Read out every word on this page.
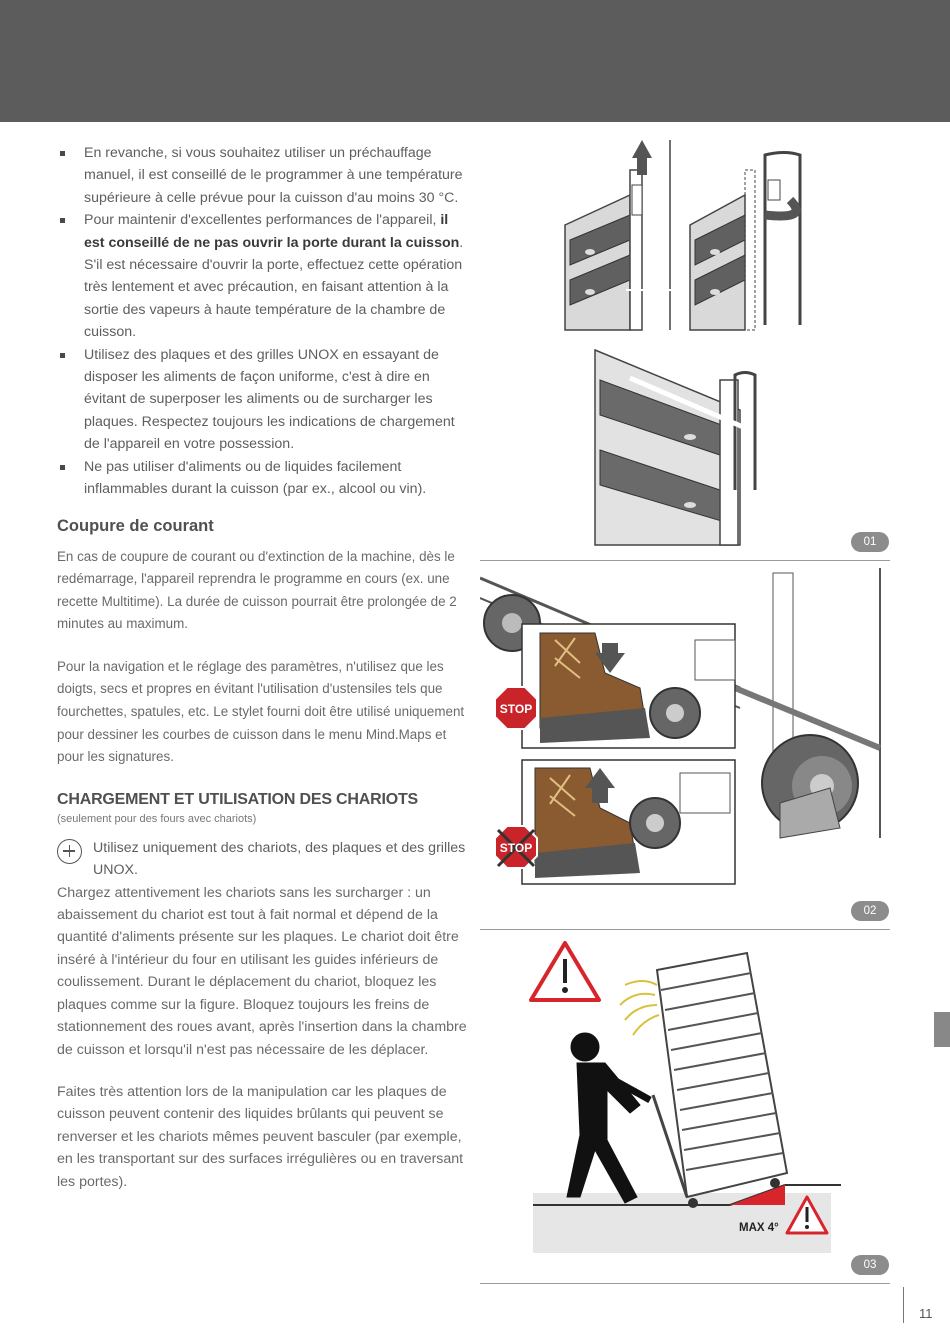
En revanche, si vous souhaitez utiliser un préchauffage manuel, il est conseillé de le programmer à une température supérieure à celle prévue pour la cuisson d'au moins 30 °C.
Pour maintenir d'excellentes performances de l'appareil, il est conseillé de ne pas ouvrir la porte durant la cuisson. S'il est nécessaire d'ouvrir la porte, effectuez cette opération très lentement et avec précaution, en faisant attention à la sortie des vapeurs à haute température de la chambre de cuisson.
Utilisez des plaques et des grilles UNOX en essayant de disposer les aliments de façon uniforme, c'est à dire en évitant de superposer les aliments ou de surcharger les plaques. Respectez toujours les indications de chargement de l'appareil en votre possession.
Ne pas utiliser d'aliments ou de liquides facilement inflammables durant la cuisson (par ex., alcool ou vin).
Coupure de courant

En cas de coupure de courant ou d'extinction de la machine, dès le redémarrage, l'appareil reprendra le programme en cours (ex. une recette Multitime). La durée de cuisson pourrait être prolongée de 2 minutes au maximum.

Pour la navigation et le réglage des paramètres, n'utilisez que les doigts, secs et propres en évitant l'utilisation d'ustensiles tels que fourchettes, spatules, etc. Le stylet fourni doit être utilisé uniquement pour dessiner les courbes de cuisson dans le menu Mind.Maps et pour les signatures.

CHARGEMENT ET UTILISATION DES CHARIOTS
(seulement pour des fours avec chariots)
Utilisez uniquement des chariots, des plaques et des grilles UNOX.

Chargez attentivement les chariots sans les surcharger : un abaissement du chariot est tout à fait normal et dépend de la quantité d'aliments présente sur les plaques. Le chariot doit être inséré à l'intérieur du four en utilisant les guides inférieurs de coulissement. Durant le déplacement du chariot, bloquez les plaques comme sur la figure. Bloquez toujours les freins de stationnement des roues avant, après l'insertion dans la chambre de cuisson et lorsqu'il n'est pas nécessaire de les déplacer.

Faites très attention lors de la manipulation car les plaques de cuisson peuvent contenir des liquides brûlants qui peuvent se renverser et les chariots mêmes peuvent basculer (par exemple, en les transportant sur des surfaces irrégulières ou en traversant les portes).

01
STOP
STOP
02
MAX 4°
03
11
